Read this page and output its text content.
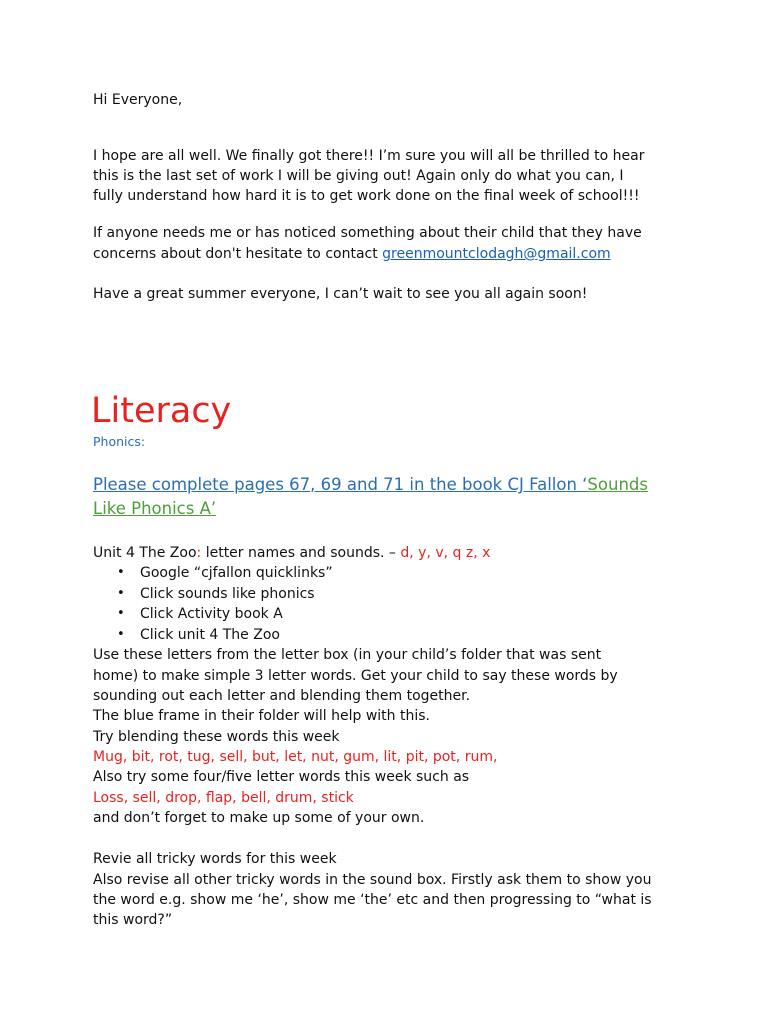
Hi Everyone,

I hope are all well. We finally got there!! I’m sure you will all be thrilled to hear

this is the last set of work I will be giving out! Again only do what you can, I

fully understand how hard it is to get work done on the final week of school!!!

If anyone needs me or has noticed something about their child that they have

concerns about don't hesitate to contact greenmountclodagh@gmail.com

Have a great summer everyone, I can’t wait to see you all again soon!

Literacy

Phonics:

Please complete pages 67, 69 and 71 in the book CJ Fallon ‘Sounds
Like Phonics A’

Unit 4 The Zoo: letter names and sounds. – d, y, v, q z, x

• Google “cjfallon quicklinks”
• Click sounds like phonics
• Click Activity book A
• Click unit 4 The Zoo

Use these letters from the letter box (in your child’s folder that was sent

home) to make simple 3 letter words. Get your child to say these words by

sounding out each letter and blending them together.

The blue frame in their folder will help with this.

Try blending these words this week

Mug, bit, rot, tug, sell, but, let, nut, gum, lit, pit, pot, rum,

Also try some four/five letter words this week such as

Loss, sell, drop, flap, bell, drum, stick

and don’t forget to make up some of your own.

Revie all tricky words for this week

Also revise all other tricky words in the sound box. Firstly ask them to show you

the word e.g. show me ‘he’, show me ‘the’ etc and then progressing to “what is

this word?”
